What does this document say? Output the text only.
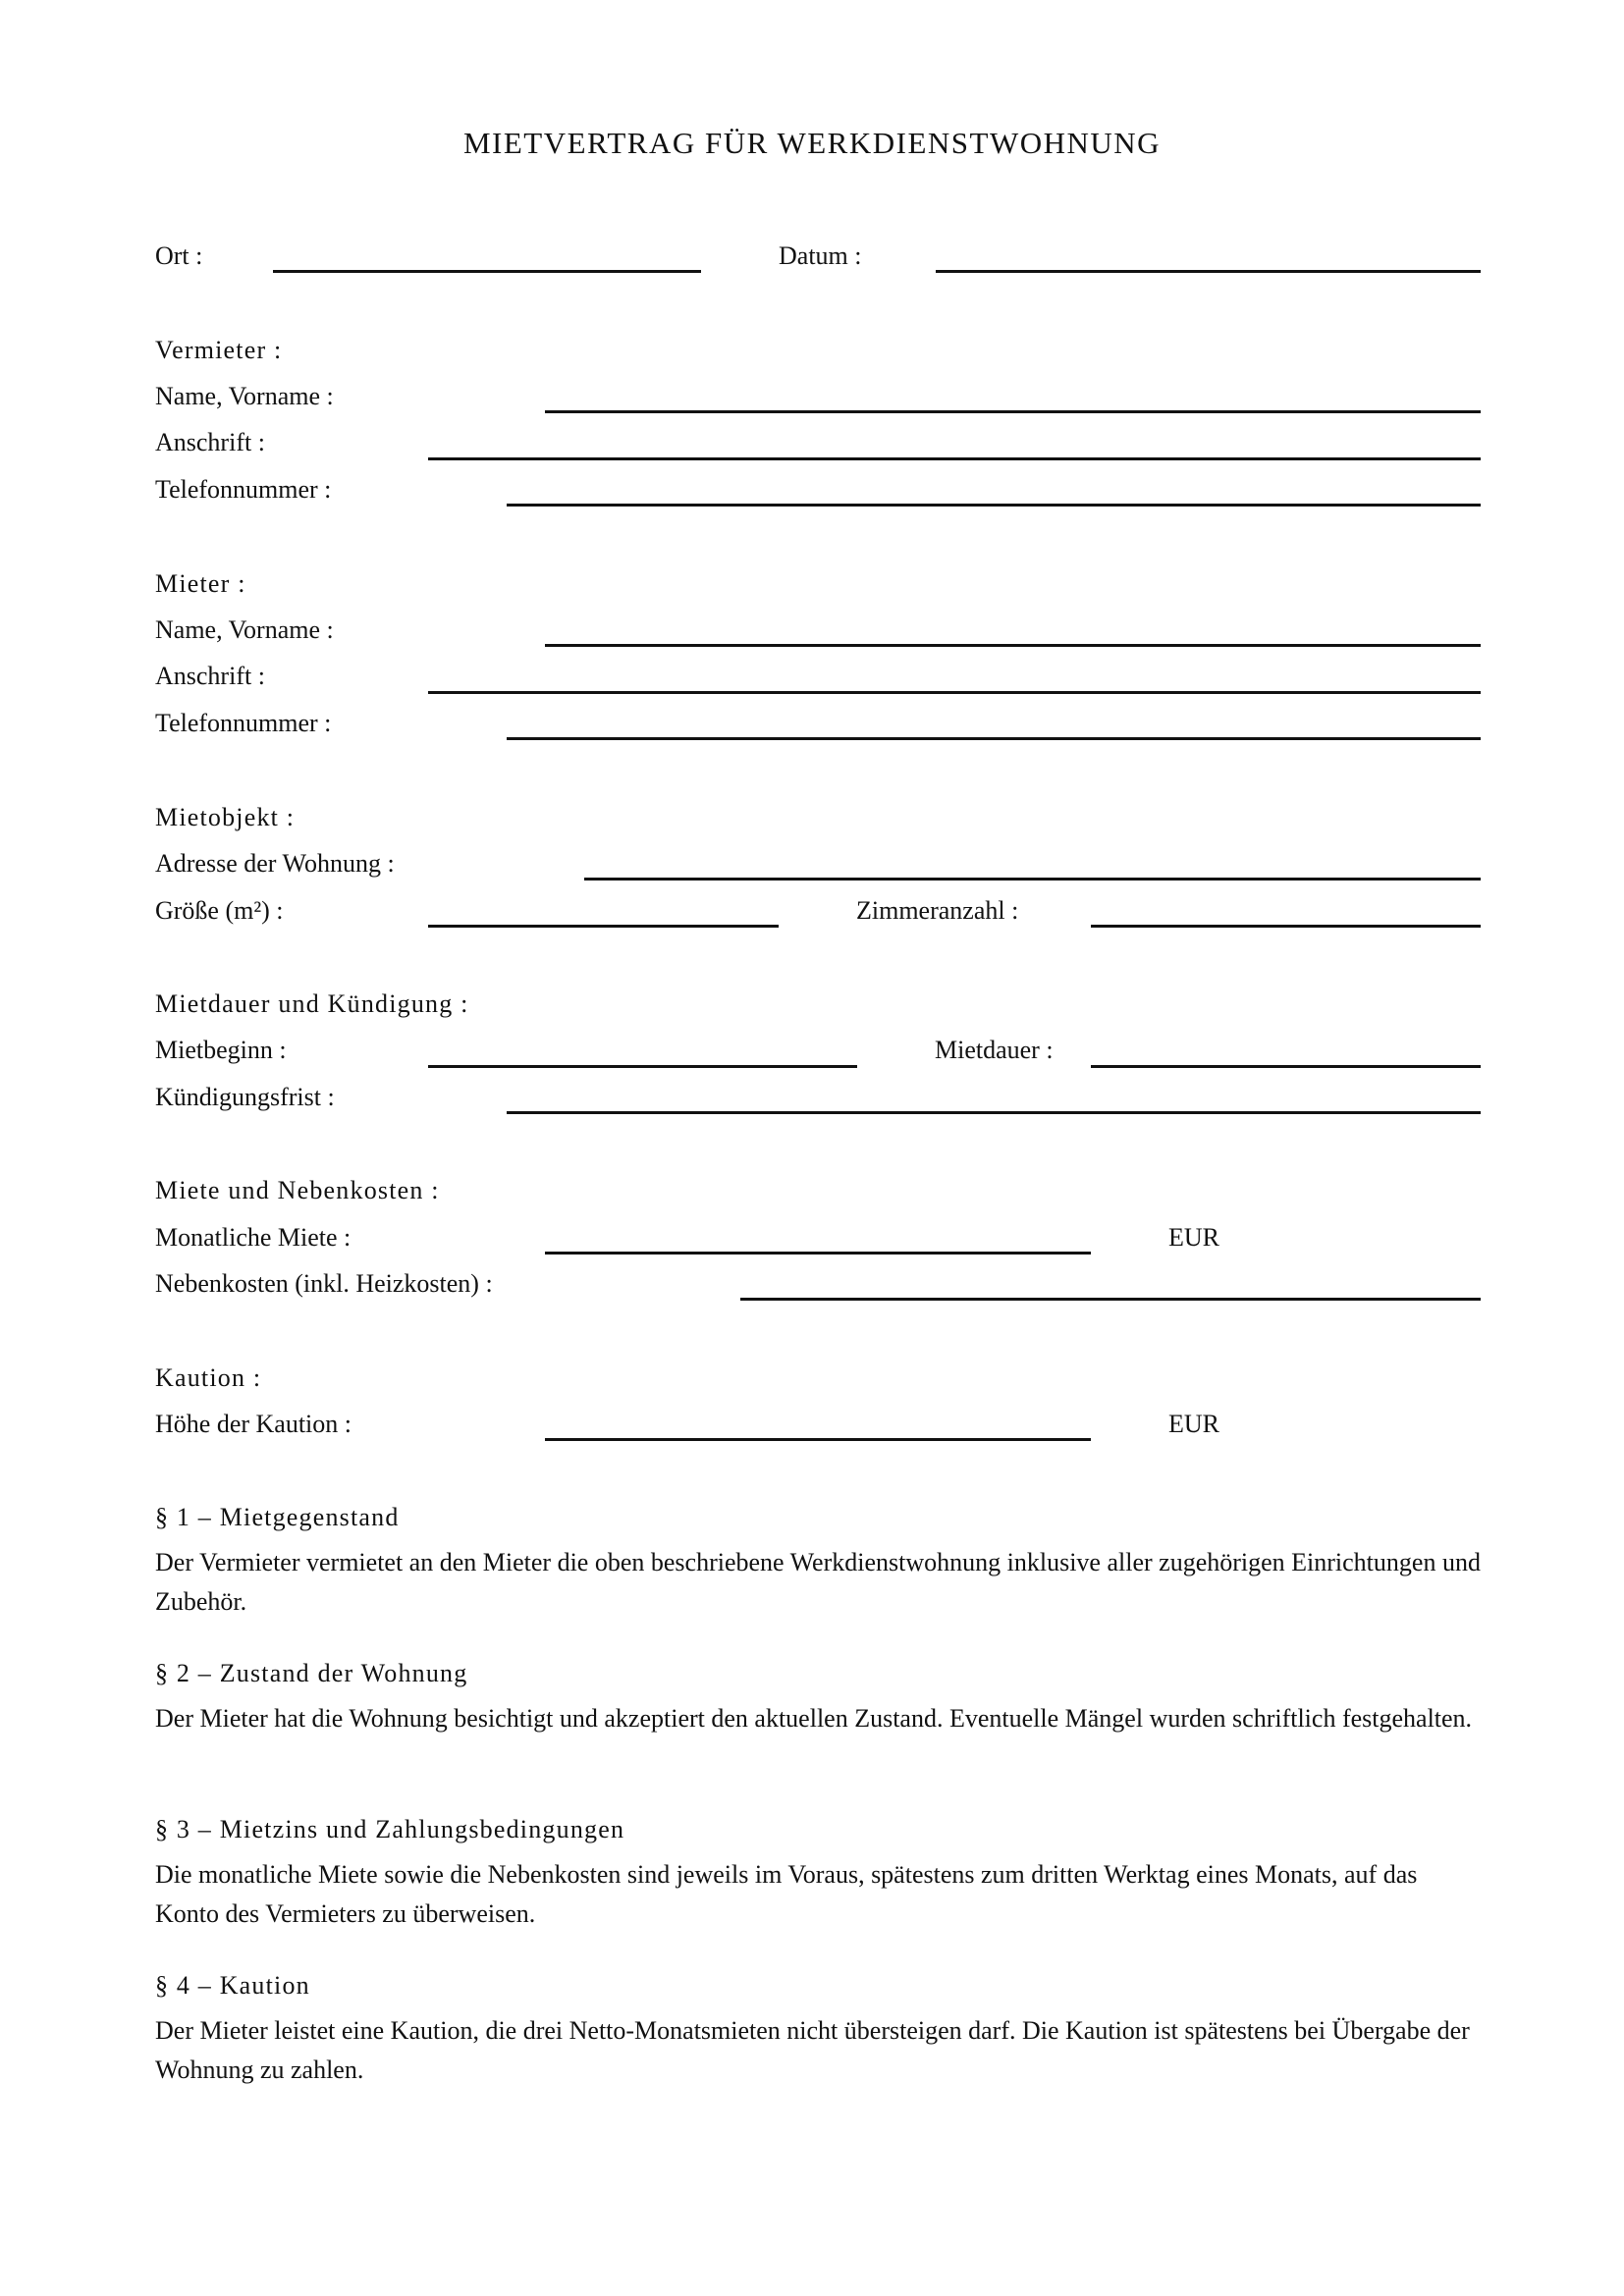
MIETVERTRAG FÜR WERKDIENSTWOHNUNG
Ort :	Datum :
Vermieter :
Name, Vorname :
Anschrift :
Telefonnummer :
Mieter :
Name, Vorname :
Anschrift :
Telefonnummer :
Mietobjekt :
Adresse der Wohnung :
Größe (m²) :	Zimmeranzahl :
Mietdauer und Kündigung :
Mietbeginn :	Mietdauer :
Kündigungsfrist :
Miete und Nebenkosten :
Monatliche Miete :	EUR
Nebenkosten (inkl. Heizkosten) :
Kaution :
Höhe der Kaution :	EUR
§ 1 – Mietgegenstand
Der Vermieter vermietet an den Mieter die oben beschriebene Werkdienstwohnung inklusive aller zugehörigen Einrichtungen und Zubehör.
§ 2 – Zustand der Wohnung
Der Mieter hat die Wohnung besichtigt und akzeptiert den aktuellen Zustand. Eventuelle Mängel wurden schriftlich festgehalten.
§ 3 – Mietzins und Zahlungsbedingungen
Die monatliche Miete sowie die Nebenkosten sind jeweils im Voraus, spätestens zum dritten Werktag eines Monats, auf das Konto des Vermieters zu überweisen.
§ 4 – Kaution
Der Mieter leistet eine Kaution, die drei Netto-Monatsmieten nicht übersteigen darf. Die Kaution ist spätestens bei Übergabe der Wohnung zu zahlen.
